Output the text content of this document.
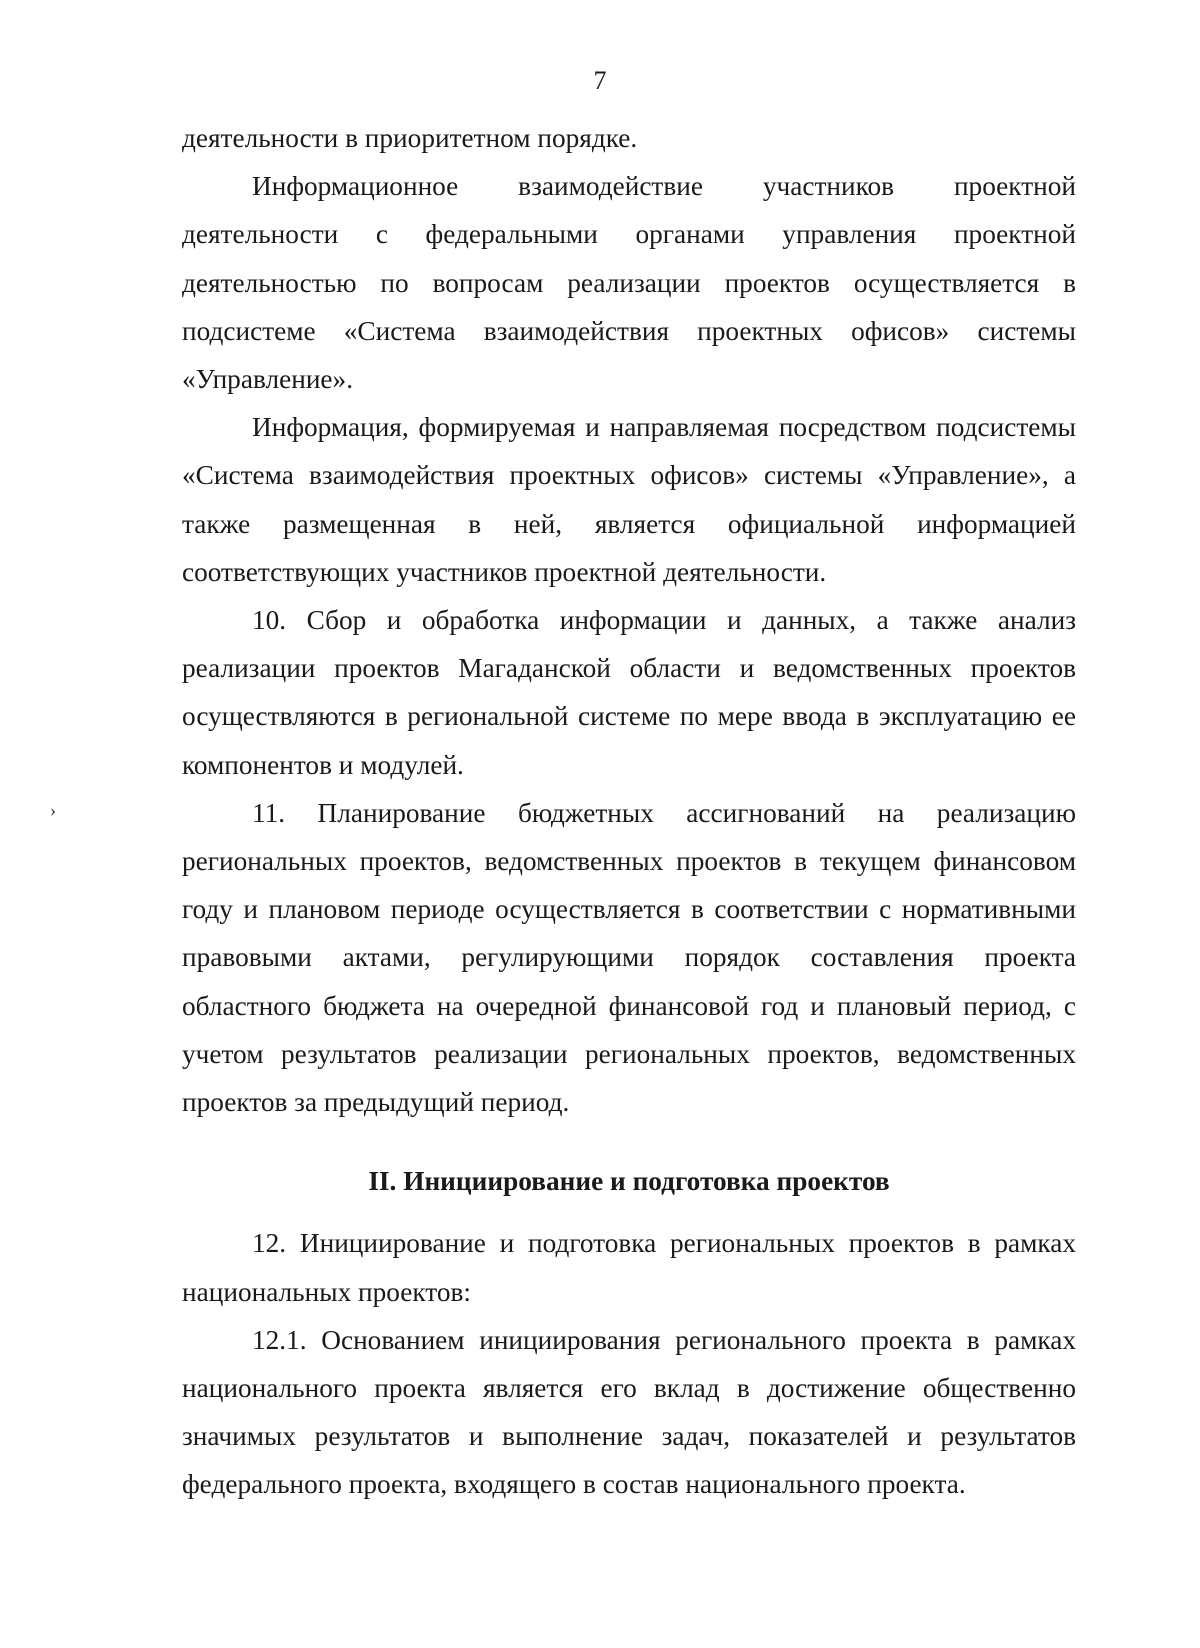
7
›

деятельности в приоритетном порядке.

Информационное взаимодействие участников проектной деятельности с федеральными органами управления проектной деятельностью по вопросам реализации проектов осуществляется в подсистеме «Система взаимодействия проектных офисов» системы «Управление».

Информация, формируемая и направляемая посредством подсистемы «Система взаимодействия проектных офисов» системы «Управление», а также размещенная в ней, является официальной информацией соответствующих участников проектной деятельности.

10. Сбор и обработка информации и данных, а также анализ реализации проектов Магаданской области и ведомственных проектов осуществляются в региональной системе по мере ввода в эксплуатацию ее компонентов и модулей.

11. Планирование бюджетных ассигнований на реализацию региональных проектов, ведомственных проектов в текущем финансовом году и плановом периоде осуществляется в соответствии с нормативными правовыми актами, регулирующими порядок составления проекта областного бюджета на очередной финансовой год и плановый период, с учетом результатов реализации региональных проектов, ведомственных проектов за предыдущий период.

II. Инициирование и подготовка проектов

12. Инициирование и подготовка региональных проектов в рамках национальных проектов:

12.1. Основанием инициирования регионального проекта в рамках национального проекта является его вклад в достижение общественно значимых результатов и выполнение задач, показателей и результатов федерального проекта, входящего в состав национального проекта.
